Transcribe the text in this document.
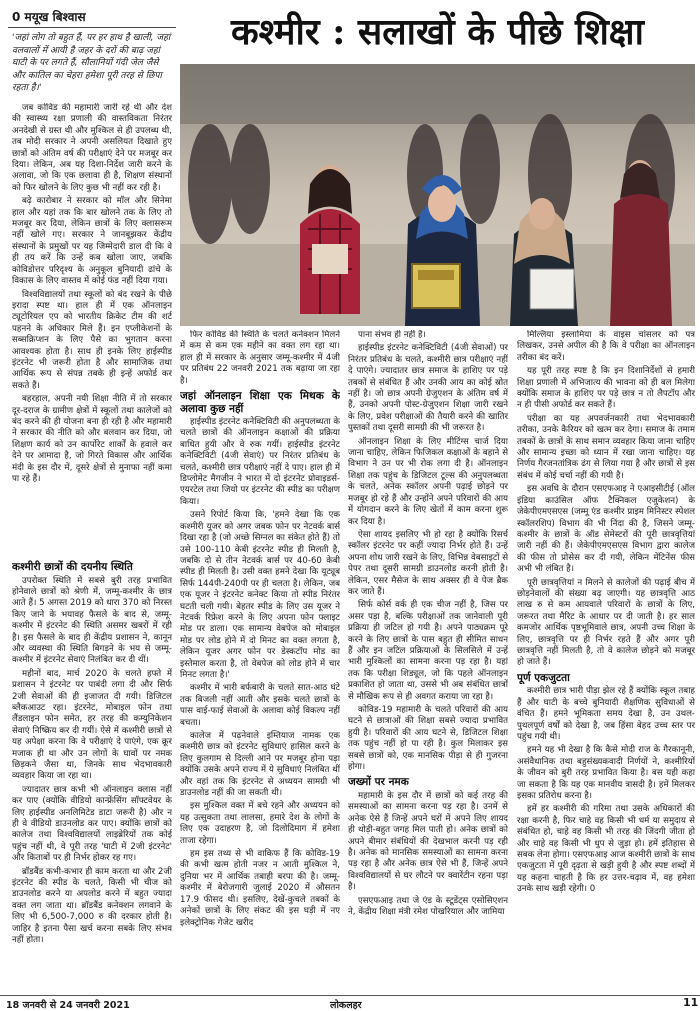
0 मयूख बिश्वास	कश्मीर : सलाखों के पीछे शिक्षा
'जहां लोग तो बहुत हैं, पर हर हाथ है खाली, जहां वलवालों में आयी है जहर के दरों की बाढ़ जहां घाटी के पर लगते हैं, सौलानियों गंदी जेल जैसे और कातिल का चेहरा हमेशा पूरी तरह से छिपा रहता है।'

जब कोविड की महामारी जारी रहे थी और देश की स्वास्थ्य रक्षा प्रणाली की वास्तविकता निरंतर अनदेखी से ग्रस्त थी और मुश्किल से ही उपलब्ध थी, तब मोदी सरकार ने अपनी असलियत दिखाते हुए छात्रों को अंतिम वर्ष की परीक्षाएं देने पर मजबूर कर दिया। लेकिन, अब यह दिशा-निर्देश जारी करने के अलावा, जो कि एक छलावा ही है, शिक्षण संस्थानों को फिर खोलने के लिए कुछ भी नहीं कर रही है।

बढ़े कारोबार ने सरकार को मॉल और सिनेमा हाल और यहां तक कि बार खोलने तक के लिए तो मजबूर कर दिया, लेकिन छात्रों के लिए क्लासरूम नहीं खोले गए। सरकार ने जानबूझकर केंद्रीय संस्थानों के प्रमुखों पर यह जिम्मेदारी डाल दी कि वे ही तय करें कि उन्हें कब खोला जाए, जबकि कोविडोत्तर परिदृश्य के अनुकूल बुनियादी ढांचे के विकास के लिए वास्तव में कोई फंड नहीं दिया गया।

विश्वविद्यालयों तथा स्कूलों को बंद रखने के पीछे इरादा स्पष्ट था। हाल ही में एक ऑनलाइन ट्यूटोरियल एप को भारतीय क्रिकेट टीम की शर्ट पहनने के अधिकार मिले हैं। इन एप्लीकेशनों के सब्सक्रिप्शन के लिए पैसे का भुगतान करना आवश्यक होता है। साथ ही इनके लिए हाईस्पीड इंटरनेट भी जरूरी होता है और सामाजिक तथा आर्थिक रूप से संपन्न तबके ही इन्हें अफोर्ड कर सकते हैं।

बहरहाल, अपनी नयी शिक्षा नीति में तो सरकार दूर-दराज के ग्रामीण क्षेत्रों में स्कूलों तथा कालेजों को बंद करने की ही योजना बना ही रही है और महामारी ने सरकार की नीति को और बलवान कर दिया, जो शिक्षण कार्य को उन कार्पोरेट शार्कों के हवाले कर देने पर आमादा है, जो गिरते विकास और आर्थिक मंदी के इस दौर में, दूसरे क्षेत्रों से मुनाफा नहीं कमा पा रहे हैं।

कश्मीरी छात्रों की दयनीय स्थिति

उपरोक्त स्थिति में सबसे बुरी तरह प्रभावित होनेवाले छात्रों को श्रेणी में, जम्मू-कश्मीर के छात्र आते हैं। 5 अगस्त 2019 को धारा 370 को निरस्त किए जाने के भयावह फैसले के बाद से, जम्मू-कश्मीर में इंटरनेट की स्थिति असमर खबरों में रही है। इस फैसले के बाद ही केंद्रीय प्रशासन ने, कानून और व्यवस्था की स्थिति बिगड़ने के भय से जम्मू-कश्मीर में इंटरनेट सेवाएं निलंबित कर दी थीं।

महीनों बाद, मार्च 2020 के चलते हफ्ते में प्रशासन ने इंटरनेट पर पाबंदी लगा दी और सिर्फ 2जी सेवाओं की ही इजाजत दी गयी। डिजिटल ब्लैकआउट रहा। इंटरनेट, मोबाइल फोन तथा लैंडलाइन फोन समेत, हर तरह की कम्युनिकेशन सेवाएं निष्क्रिय कर दी गयीं। ऐसे में कश्मीरी छात्रों से यह अपेक्षा करना कि वे परीक्षाएं दे पाएंगे, एक क्रूर मजाक ही था और उन लोगों के घावों पर नमक छिड़कने जैसा था, जिनके साथ भेदभावकारी व्यवहार किया जा रहा था।

ज्यादातर छात्र कभी भी ऑनलाइन क्लास नहीं कर पाए (क्योंकि वीडियो कान्फ्रेंसिंग सॉफ्टवेयर के लिए हाईस्पीड अनलिमिटेड डाटा जरूरी है) और न ही वे वीडियो डाउनलोड कर पाए। क्योंकि छात्रों को कालेज तथा विश्वविद्यालयों लाइब्रेरियों तक कोई पहुंच नहीं थी, वे पूरी तरह 'घाटी में 2जी इंटरनेट' और किताबों पर ही निर्भर होकर रह गए।

ब्रॉडबैंड कभी-कभार ही काम करता था और 2जी इंटरनेट की स्पीड के चलते, किसी भी चीज को डाउनलोड करने या अपलोड करने में बहुत ज्यादा वक्त लग जाता था। ब्रॉडबैंड कनेक्शन लगवाने के लिए भी 6,500-7,000 रु की दरकार होती है। जाहिर है इतना पैसा खर्च करना सबके लिए संभव नहीं होता।

फिर कोविड की स्थिति के चलते कनेक्शन मिलने में कम से कम एक महीने का वक्त लग रहा था। हाल ही में सरकार के अनुसार जम्मू-कश्मीर में 4जी पर प्रतिबंध 22 जनवरी 2021 तक बढ़ाया जा रहा है।

जहां ऑनलाइन शिक्षा एक मिथक के अलावा कुछ नहीं

हाईस्पीड इंटरनेट कनेक्टिविटी की अनुपलब्धता के चलते छात्रों की ऑनलाइन कक्षाओं की प्रक्रिया बाधित हुयी और वे रुक गयीं। हाईस्पीड इंटरनेट कनेक्टिविटी (4जी सेवाएं) पर निरंतर प्रतिबंध के चलते, कश्मीरी छात्र परीक्षाएं नहीं दे पाए। हाल ही में डिप्लोमेट मैगजीन ने भारत में दो इंटरनेट प्रोवाइडर्स-एयरटेल तथा जियो पर इंटरनेट की स्पीड का परीक्षण किया।

उसने रिपोर्ट किया कि, 'हमने देखा कि एक कश्मीरी यूजर को अगर जबक फोन पर नेटवर्क बार्स दिखा रहा है (जो अच्छे सिग्नल का संकेत होते हैं) तो उसे 100-110 केबी इंटरनेट स्पीड ही मिलती है, जबकि दो से तीन नेटवर्क बार्स पर 40-60 केबी स्पीड ही मिलती है। उसी वक्त हमने देखा कि यूट्यूब सिर्फ 144पी-240पी पर ही चलता है। लेकिन, जब एक यूजर ने इंटरनेट कनेक्ट किया तो स्पीड निरंतर घटती चली गयी। बेहतर स्पीड के लिए उस यूजर ने नेटवर्क रिफ्रेश करने के लिए अपना फोन फ्लाइट मोड पर डाला। एक सामान्य वेबपेज को मोबाइल मोड पर लोड होने में दो मिनट का वक्त लगता है, लेकिन यूजर अगर फोन पर डेस्कटॉप मोड का इस्तेमाल करता है, तो वेबपेज को लोड होने में चार मिनट लगता है।'

कश्मीर में भारी बर्फबारी के चलते सात-आठ घंटे तक बिजली नहीं आती और इसके चलते छात्रों के पास वाई-फाई सेवाओं के अलावा कोई विकल्प नहीं बचता।

कालेज में पढ़नेवाले इम्तियाज नामक एक कश्मीरी छात्र को इंटरनेट सुविधाएं हासिल करने के लिए कुलगाम से दिल्ली आने पर मजबूर होना पड़ा क्योंकि उसके अपने राज्य में ये सुविधाएं निलंबित थीं और वहां तक कि इंटरनेट से अध्ययन सामग्री भी डाउनलोड नहीं की जा सकती थी।

इस मुश्किल वक्त में बचे रहने और अध्ययन को यह उत्सुकता तथा लालसा, हमारे देश के लोगों के लिए एक उदाहरण है, जो दिलोदिमाग में हमेशा ताजा रहेगा।

हम इस तथ्य से भी वाकिफ हैं कि कोविड-19 की कभी खत्म होती नजर न आती मुश्किल ने, दुनिया भर में आर्थिक तबाही बरपा की है। जम्मू-कश्मीर में बेरोजगारी जुलाई 2020 में औसतन 17.9 फीसद थी। इसलिए, देखें-कुचले तबकों के अनेकों छात्रों के लिए संकट की इस घड़ी में नए इलेक्ट्रोनिक गेजेट खरीद

पाना संभव ही नहीं है।

हाईस्पीड इंटरनेट कनेक्टिविटी (4जी सेवाओं) पर निरंतर प्रतिबंध के चलते, कश्मीरी छात्र परीक्षाएं नहीं दे पाएंगे। ज्यादातर छात्र समाज के हाशिए पर पड़े तबकों से संबंधित हैं और उनकी आय का कोई स्रोत नहीं है। जो छात्र अपनी ग्रेजुएशन के अंतिम वर्ष में हैं, उनको अपनी पोस्ट-ग्रेजुएशन शिक्षा जारी रखने के लिए, प्रवेश परीक्षाओं की तैयारी करने की खातिर पुस्तकों तथा दूसरी सामग्री की भी जरूरत है।

ऑनलाइन शिक्षा के लिए मीटिंग्स चार्ज दिया जाना चाहिए, लेकिन फिजिकल कक्षाओं के बहाने से विभाग ने उन पर भी रोक लगा दी है। ऑनलाइन शिक्षा तक पहुंच के डिजिटल टूल्स की अनुपलब्धता के चलते, अनेक स्कॉलर अपनी पढ़ाई छोड़ने पर मजबूर हो रहे हैं और उन्होंने अपने परिवारों की आय में योगदान करने के लिए खेतों में काम करना शुरू कर दिया है।

ऐसा शायद इसलिए भी हो रहा है क्योंकि रिसर्च स्कॉलर इंटरनेट पर कहीं ज्यादा निर्भर होते हैं। उन्हें अपना शोध जारी रखने के लिए, विभिन्न वेबसाइटों से पेपर तथा दूसरी सामग्री डाउनलोड करनी होती है। लेकिन, एसर मैसेज के साथ अक्सर ही वे पेज ब्रैक कर जाते हैं।

सिर्फ कोर्स वर्क ही एक चीज नहीं है, जिस पर असर पड़ा है, बल्कि परीक्षाओं तक जानेवाली पूरी प्रक्रिया ही जटिल हो गयी है। अपने पाठ्यक्रम पूरे करने के लिए छात्रों के पास बहुत ही सीमित साधन हैं और इन जटिल प्रक्रियाओं के सिलसिले में उन्हें भारी मुश्किलों का सामना करना पड़ रहा है। यहां तक कि परीक्षा शिड्यूल, जो कि पहले ऑनलाइन प्रकाशित हो जाता था, उससे भी अब संबंधित छात्रों से मौखिक रूप से ही अवगत कराया जा रहा है।

कोविड-19 महामारी के चलते परिवारों की आय घटने से छात्राओं की शिक्षा सबसे ज्यादा प्रभावित हुयी है। परिवारों की आय घटने से, डिजिटल शिक्षा तक पहुंच नहीं हो पा रही है। कुल मिलाकर इस सबसे छात्रों को, एक मानसिक पीड़ा से ही गुजरना होगा।

जख्मों पर नमक

महामारी के इस दौर में छात्रों को कई तरह की समस्याओं का सामना करना पड़ रहा है। उनमें से अनेक ऐसे हैं जिन्हें अपने घरों में अपने लिए शायद ही थोड़ी-बहुत जगह मिल पाती हो। अनेक छात्रों को अपने बीमार संबंधियों की देखभाल करनी पड़ रही है। अनेक को मानसिक समस्याओं का सामना करना पड़ रहा है और अनेक छात्र ऐसे भी हैं, जिन्हें अपने विश्वविद्यालयों से घर लौटने पर क्वारेंटीन रहना पड़ा है।

एसएफआइ तथा जे एंड के स्टूडेंट्स एसोसिएशन ने, केंद्रीय शिक्षा मंत्री रमेश पोखरियाल और जामिया

मिल्लिया इस्लामिया के वाइस चांसलर को पत्र लिखकर, उनसे अपील की है कि वे परीक्षा का ऑनलाइन तरीका बंद करें।

यह पूरी तरह स्पष्ट है कि इन दिशानिर्देशों से हमारी शिक्षा प्रणाली में अभिजात्य की भावना को ही बल मिलेगा क्योंकि समाज के हाशिए पर पड़े छात्र न तो लैपटॉप और न ही पीसी अफोर्ड कर सकते हैं।

परीक्षा का यह अपवर्जनकारी तथा भेदभावकारी तरीका, उनके कैरियर को खत्म कर देगा। समाज के तमाम तबकों के छात्रों के साथ समान व्यवहार किया जाना चाहिए और सामान्य इच्छा को ध्यान में रखा जाना चाहिए। यह निर्णय गैरजनतांत्रिक ढंग से लिया गया है और छात्रों से इस संबंध में कोई चर्चा नहीं की गयी है।

इस अवधि के दौरान एसएफआइ ने एआइसीटीई (ऑल इंडिया काउंसिल ऑफ टैक्निकल एजुकेशन) के जेकेपीएमएसएस (जम्मू एंड कश्मीर प्राइम मिनिस्टर स्पेशल स्कॉलरशिप) विभाग की भी निंदा की है, जिसने जम्मू-कश्मीर के छात्रों के ऑड सेमेस्टरों की पूरी छात्रवृत्तियां जारी नहीं की हैं। जेकेपीएमएसएस विभाग द्वारा कालेज की फीस तो प्रोसेस कर दी गयी, लेकिन मेंटिनेंस फीस अभी भी लंबित है।

पूरी छात्रवृत्तियां न मिलने से कालेजों की पढ़ाई बीच में छोड़नेवालों की संख्या बढ़ जाएगी। यह छात्रवृत्ति आठ लाख रु से कम आयवाले परिवारों के छात्रों के लिए, जरूरत तथा मैरिट के आधार पर दी जाती है। हर साल कमजोर आर्थिक पृष्ठभूमिवाले छात्र, अपनी उच्च शिक्षा के लिए, छात्रवृत्ति पर ही निर्भर रहते हैं और अगर पूरी छात्रवृत्ति नहीं मिलती है, तो वे कालेज छोड़ने को मजबूर हो जाते हैं।

पूर्ण एकजुटता

कश्मीरी छात्र भारी पीड़ा झेल रहे हैं क्योंकि स्कूल तबाह हैं और घाटी के बच्चे बुनियादी शैक्षणिक सुविधाओं से वंचित हैं। हमने भूमिकता समय देखा है, उन उथल-पुथलपूर्ण वर्षों को देखा है, जब हिंसा बेहद उच्च स्तर पर पहुंच गयी थी।

हमने यह भी देखा है कि कैसे मोदी राज के गैरकानूनी, असंवैधानिक तथा बहुसंख्यकवादी निर्णयों ने, कश्मीरियों के जीवन को बुरी तरह प्रभावित किया है। बस यही कहा जा सकता है कि यह एक मानवीय त्रासदी है। हमें मिलकर इसका प्रतिरोध करना है।

हमें हर कश्मीरी की गरिमा तथा उसके अधिकारों की रक्षा करनी है, फिर चाहे वह किसी भी धर्म या समुदाय से संबंधित हो, चाहे वह किसी भी तरह की जिंदगी जीता हो और चाहे वह किसी भी धुप से जुड़ा हो। हमें इतिहास से सबक लेना होगा। एसएफआइ आज कश्मीरी छात्रों के साथ एकजुटता में पूरी दृढ़ता से खड़ी हुयी है और स्पष्ट शब्दों में यह कहना चाहती है कि हर उत्तर-चढ़ाव में, वह हमेशा उनके साथ खड़ी रहेगी। 0

18 जनवरी से 24 जनवरी 2021	लोकलहर	11
